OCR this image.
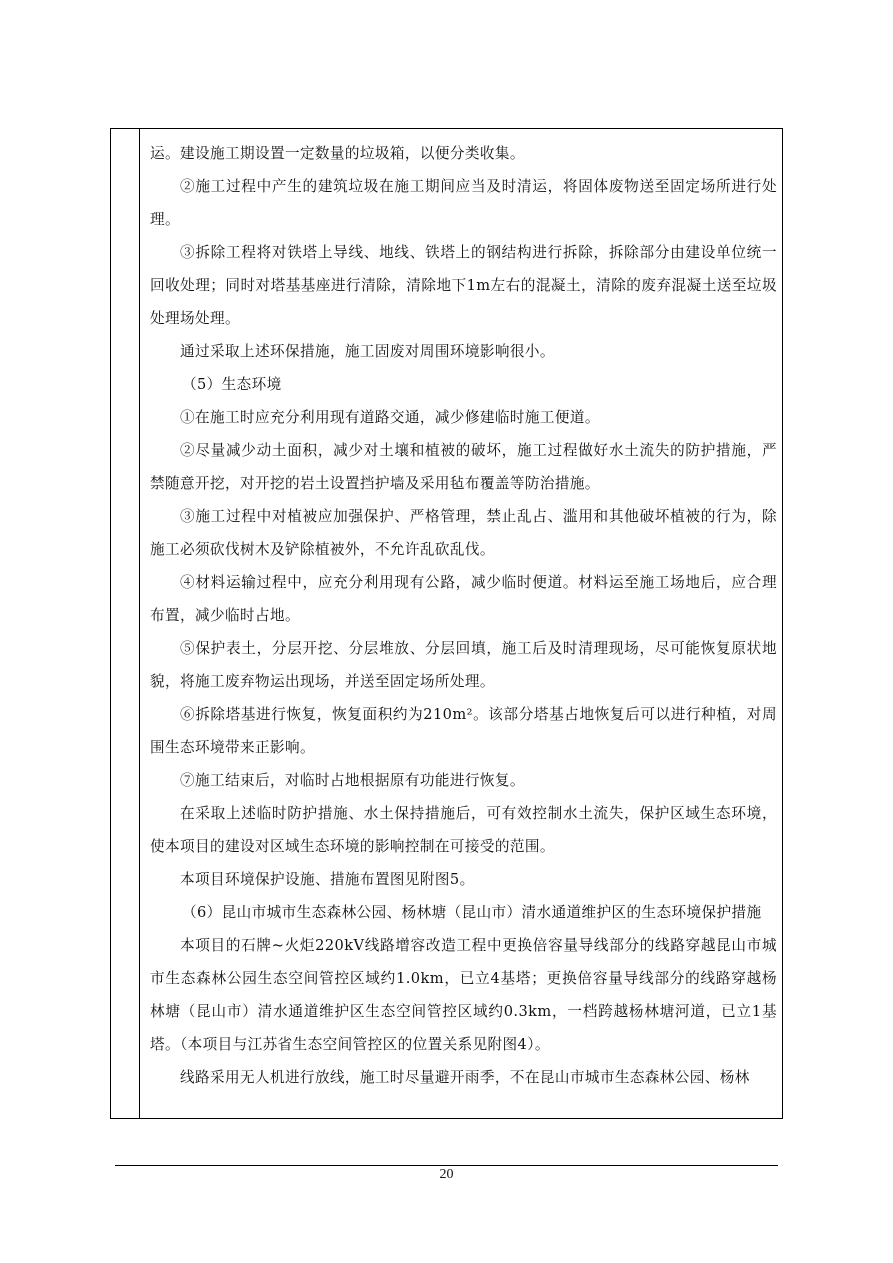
运。建设施工期设置一定数量的垃圾箱，以便分类收集。

②施工过程中产生的建筑垃圾在施工期间应当及时清运，将固体废物送至固定场所进行处理。

③拆除工程将对铁塔上导线、地线、铁塔上的钢结构进行拆除，拆除部分由建设单位统一回收处理；同时对塔基基座进行清除，清除地下1m左右的混凝土，清除的废弃混凝土送至垃圾处理场处理。

通过采取上述环保措施，施工固废对周围环境影响很小。

（5）生态环境

①在施工时应充分利用现有道路交通，减少修建临时施工便道。

②尽量减少动土面积，减少对土壤和植被的破坏，施工过程做好水土流失的防护措施，严禁随意开挖，对开挖的岩土设置挡护墙及采用毡布覆盖等防治措施。

③施工过程中对植被应加强保护、严格管理，禁止乱占、滥用和其他破坏植被的行为，除施工必须砍伐树木及铲除植被外，不允许乱砍乱伐。

④材料运输过程中，应充分利用现有公路，减少临时便道。材料运至施工场地后，应合理布置，减少临时占地。

⑤保护表土，分层开挖、分层堆放、分层回填，施工后及时清理现场，尽可能恢复原状地貌，将施工废弃物运出现场，并送至固定场所处理。

⑥拆除塔基进行恢复，恢复面积约为210m²。该部分塔基占地恢复后可以进行种植，对周围生态环境带来正影响。

⑦施工结束后，对临时占地根据原有功能进行恢复。

在采取上述临时防护措施、水土保持措施后，可有效控制水土流失，保护区域生态环境，使本项目的建设对区域生态环境的影响控制在可接受的范围。

本项目环境保护设施、措施布置图见附图5。

（6）昆山市城市生态森林公园、杨林塘（昆山市）清水通道维护区的生态环境保护措施

本项目的石牌~火炬220kV线路增容改造工程中更换倍容量导线部分的线路穿越昆山市城市生态森林公园生态空间管控区域约1.0km，已立4基塔；更换倍容量导线部分的线路穿越杨林塘（昆山市）清水通道维护区生态空间管控区域约0.3km，一档跨越杨林塘河道，已立1基塔。（本项目与江苏省生态空间管控区的位置关系见附图4）。

线路采用无人机进行放线，施工时尽量避开雨季，不在昆山市城市生态森林公园、杨林

20
